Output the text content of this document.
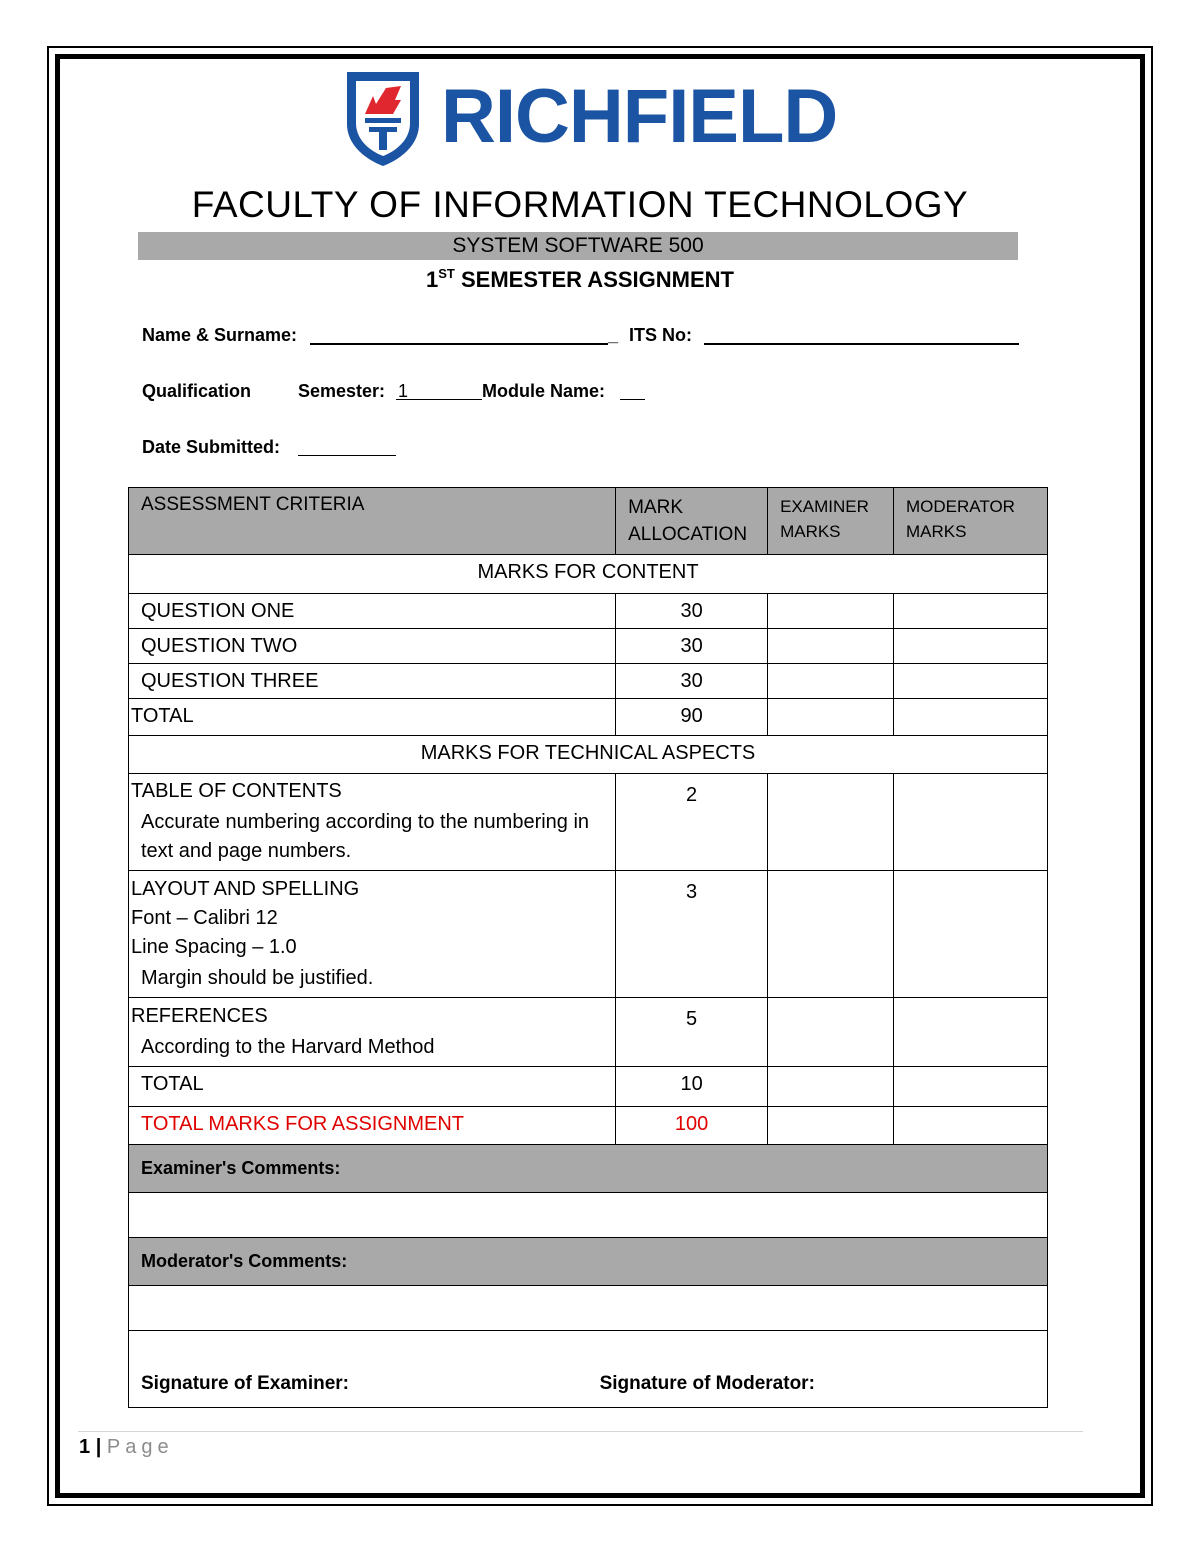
RICHFIELD
FACULTY OF INFORMATION TECHNOLOGY
SYSTEM SOFTWARE 500
1ST SEMESTER ASSIGNMENT
Name & Surname:	_ ITS No:
Qualification	Semester: 1	Module Name:
Date Submitted:
ASSESSMENT CRITERIA	MARK ALLOCATION	EXAMINER MARKS	MODERATOR MARKS
MARKS FOR CONTENT			
QUESTION ONE	30		
QUESTION TWO	30		
QUESTION THREE	30		
TOTAL	90		
MARKS FOR TECHNICAL ASPECTS			
TABLE OF CONTENTS
Accurate numbering according to the numbering in text and page numbers.	2		

LAYOUT AND SPELLING
Font – Calibri 12
Line Spacing – 1.0
Margin should be justified.	3		

REFERENCES
According to the Harvard Method	5		
TOTAL	10		
TOTAL MARKS FOR ASSIGNMENT	100		
Examiner's Comments:			

Moderator's Comments:			

Signature of Examiner:		Signature of Moderator:	
1 | Page
